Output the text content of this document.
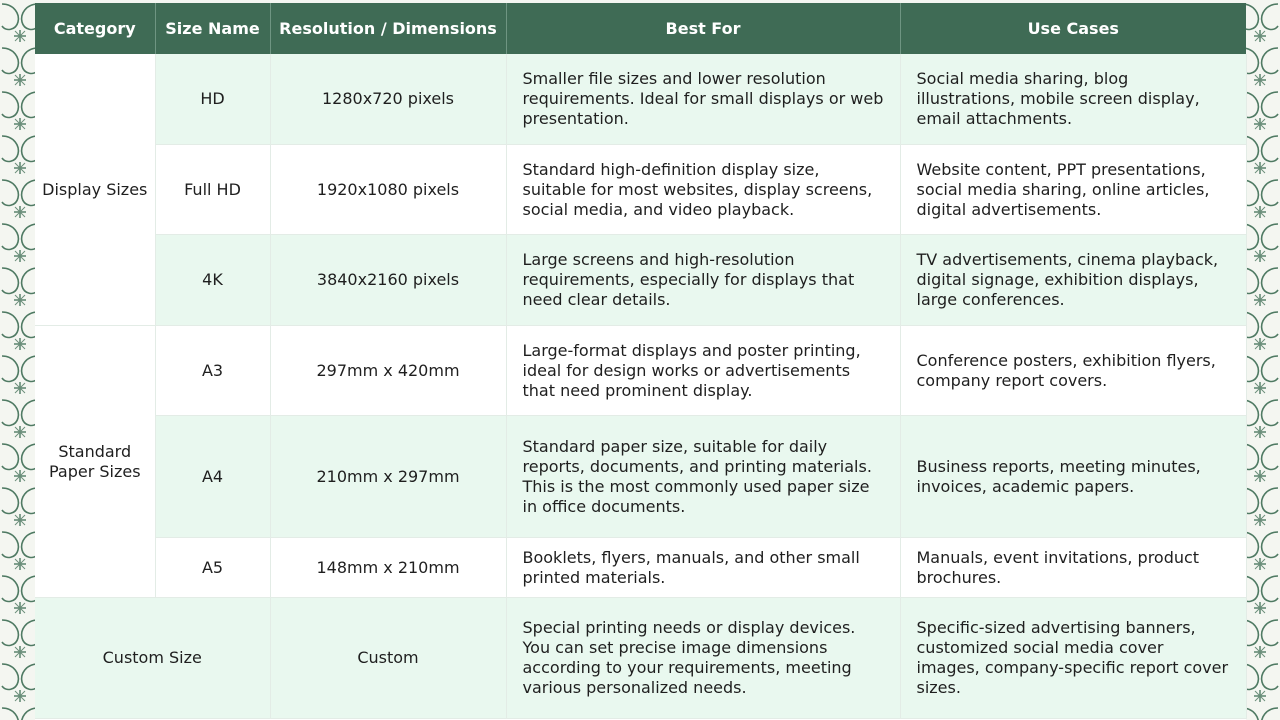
Category	Size Name	Resolution / Dimensions	Best For	Use Cases
Display Sizes	HD	1280x720 pixels	Smaller file sizes and lower resolution requirements. Ideal for small displays or web presentation.	Social media sharing, blog illustrations, mobile screen display, email attachments.
	Full HD	1920x1080 pixels	Standard high-definition display size, suitable for most websites, display screens, social media, and video playback.	Website content, PPT presentations, social media sharing, online articles, digital advertisements.
	4K	3840x2160 pixels	Large screens and high-resolution requirements, especially for displays that need clear details.	TV advertisements, cinema playback, digital signage, exhibition displays, large conferences.
Standard Paper Sizes	A3	297mm x 420mm	Large-format displays and poster printing, ideal for design works or advertisements that need prominent display.	Conference posters, exhibition flyers, company report covers.
	A4	210mm x 297mm	Standard paper size, suitable for daily reports, documents, and printing materials. This is the most commonly used paper size in office documents.	Business reports, meeting minutes, invoices, academic papers.
	A5	148mm x 210mm	Booklets, flyers, manuals, and other small printed materials.	Manuals, event invitations, product brochures.
Custom Size		Custom	Special printing needs or display devices. You can set precise image dimensions according to your requirements, meeting various personalized needs.	Specific-sized advertising banners, customized social media cover images, company-specific report cover sizes.
